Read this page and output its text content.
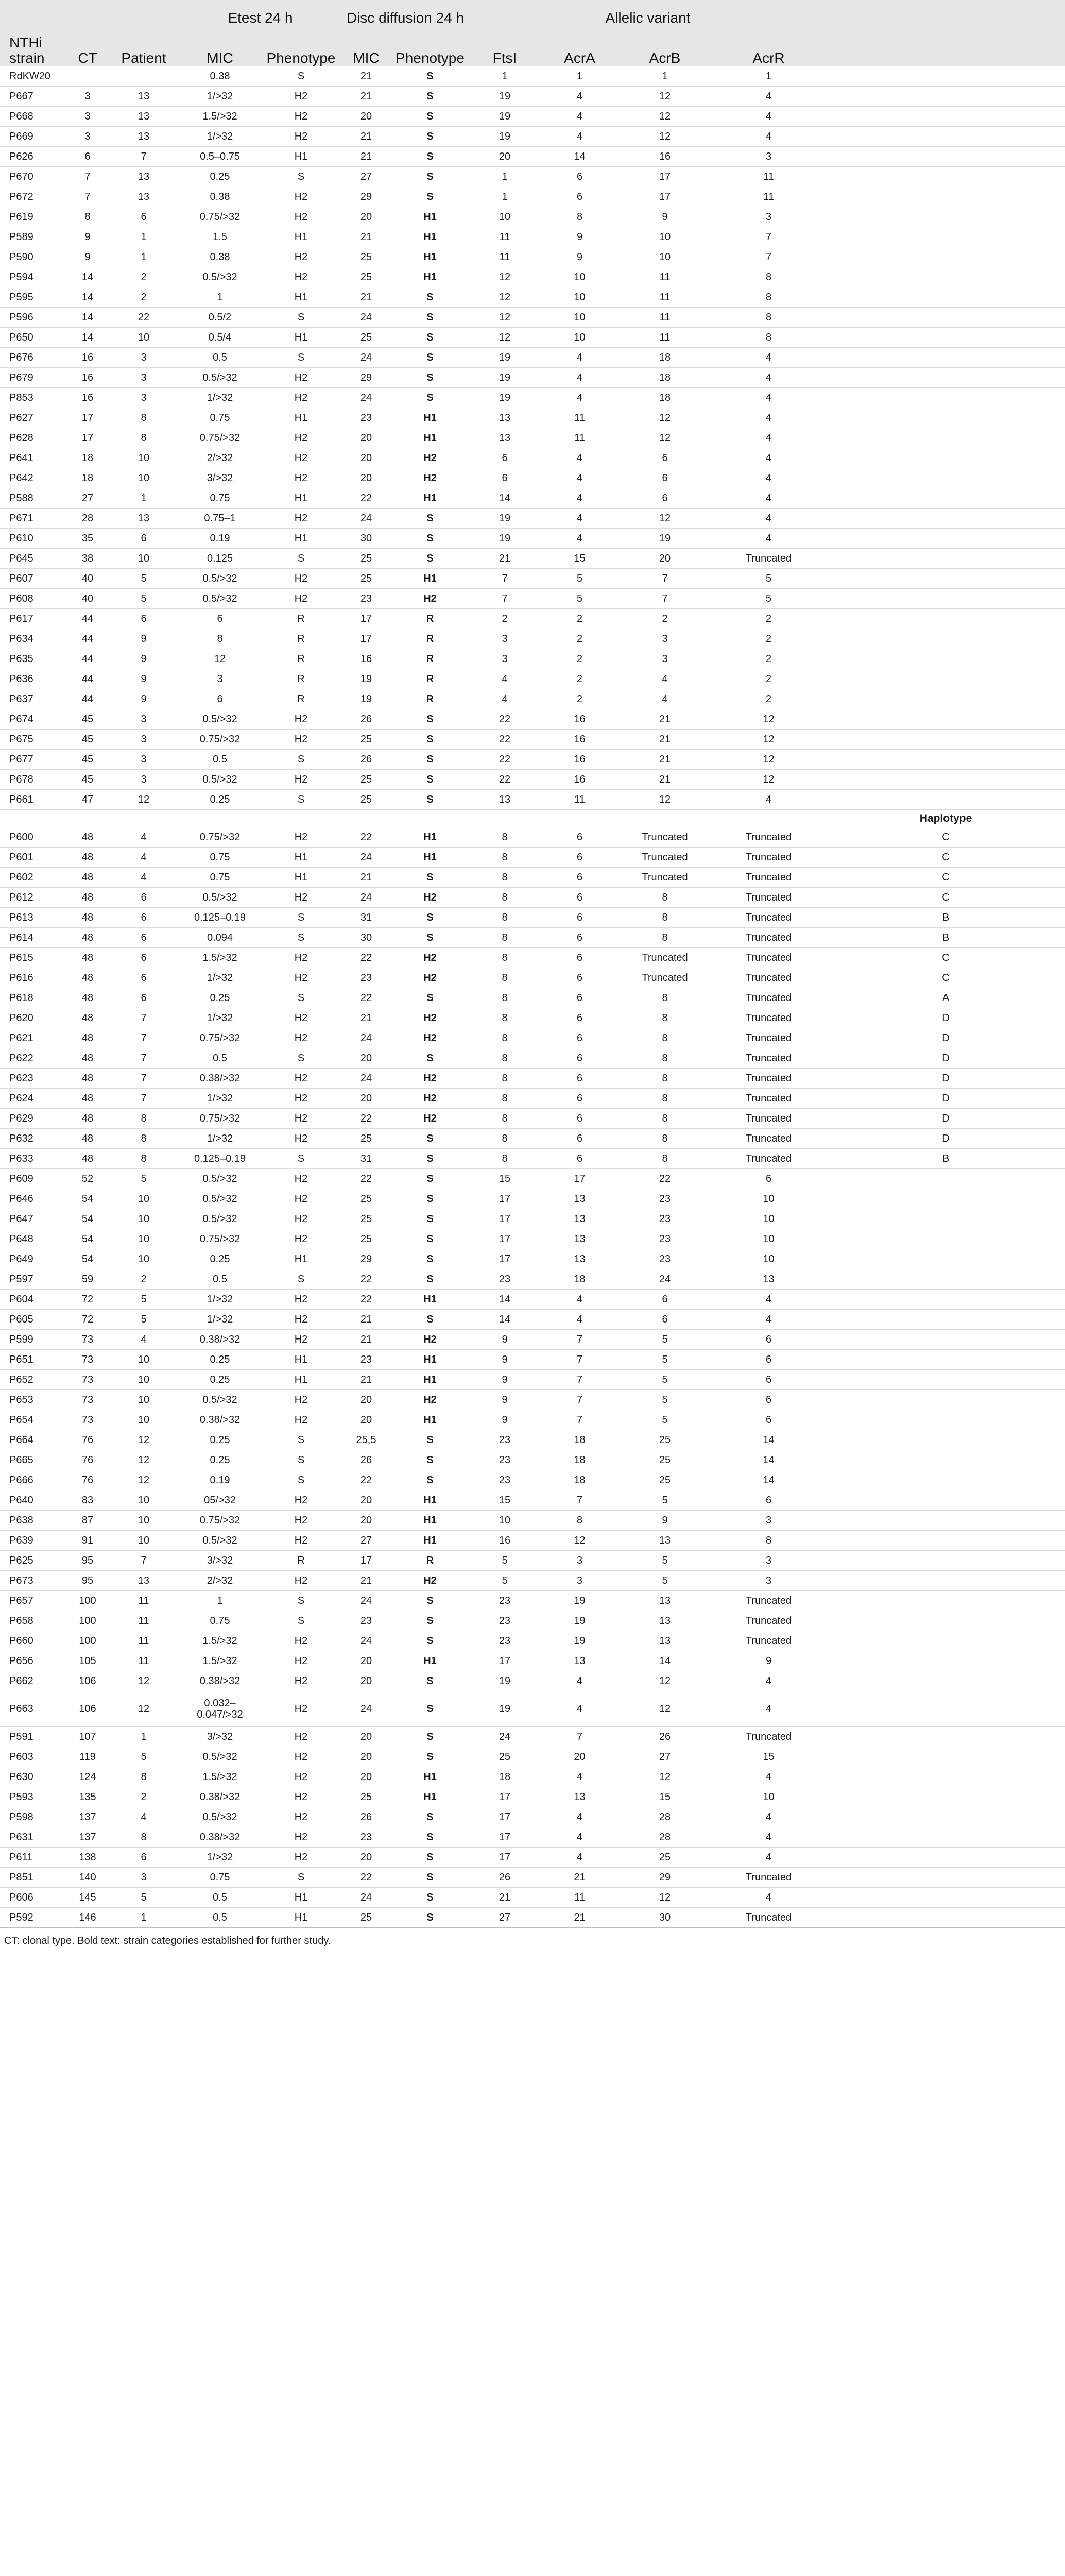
NTHi strain	CT	Patient	Etest 24 h		Disc diffusion 24 h		Allelic variant				
			MIC	Phenotype	MIC	Phenotype	FtsI	AcrA	AcrB	AcrR	
RdKW20			0.38	S	21	S	1	1	1	1	
P667	3	13	1/>32	H2	21	S	19	4	12	4	
P668	3	13	1.5/>32	H2	20	S	19	4	12	4	
P669	3	13	1/>32	H2	21	S	19	4	12	4	
P626	6	7	0.5–0.75	H1	21	S	20	14	16	3	
P670	7	13	0.25	S	27	S	1	6	17	11	
P672	7	13	0.38	H2	29	S	1	6	17	11	
P619	8	6	0.75/>32	H2	20	H1	10	8	9	3	
P589	9	1	1.5	H1	21	H1	11	9	10	7	
P590	9	1	0.38	H2	25	H1	11	9	10	7	
P594	14	2	0.5/>32	H2	25	H1	12	10	11	8	
P595	14	2	1	H1	21	S	12	10	11	8	
P596	14	22	0.5/2	S	24	S	12	10	11	8	
P650	14	10	0.5/4	H1	25	S	12	10	11	8	
P676	16	3	0.5	S	24	S	19	4	18	4	
P679	16	3	0.5/>32	H2	29	S	19	4	18	4	
P853	16	3	1/>32	H2	24	S	19	4	18	4	
P627	17	8	0.75	H1	23	H1	13	11	12	4	
P628	17	8	0.75/>32	H2	20	H1	13	11	12	4	
P641	18	10	2/>32	H2	20	H2	6	4	6	4	
P642	18	10	3/>32	H2	20	H2	6	4	6	4	
P588	27	1	0.75	H1	22	H1	14	4	6	4	
P671	28	13	0.75–1	H2	24	S	19	4	12	4	
P610	35	6	0.19	H1	30	S	19	4	19	4	
P645	38	10	0.125	S	25	S	21	15	20	Truncated	
P607	40	5	0.5/>32	H2	25	H1	7	5	7	5	
P608	40	5	0.5/>32	H2	23	H2	7	5	7	5	
P617	44	6	6	R	17	R	2	2	2	2	
P634	44	9	8	R	17	R	3	2	3	2	
P635	44	9	12	R	16	R	3	2	3	2	
P636	44	9	3	R	19	R	4	2	4	2	
P637	44	9	6	R	19	R	4	2	4	2	
P674	45	3	0.5/>32	H2	26	S	22	16	21	12	
P675	45	3	0.75/>32	H2	25	S	22	16	21	12	
P677	45	3	0.5	S	26	S	22	16	21	12	
P678	45	3	0.5/>32	H2	25	S	22	16	21	12	
P661	47	12	0.25	S	25	S	13	11	12	4	
											Haplotype
P600	48	4	0.75/>32	H2	22	H1	8	6	Truncated	Truncated	C
P601	48	4	0.75	H1	24	H1	8	6	Truncated	Truncated	C
P602	48	4	0.75	H1	21	S	8	6	Truncated	Truncated	C
P612	48	6	0.5/>32	H2	24	H2	8	6	8	Truncated	C
P613	48	6	0.125–0.19	S	31	S	8	6	8	Truncated	B
P614	48	6	0.094	S	30	S	8	6	8	Truncated	B
P615	48	6	1.5/>32	H2	22	H2	8	6	Truncated	Truncated	C
P616	48	6	1/>32	H2	23	H2	8	6	Truncated	Truncated	C
P618	48	6	0.25	S	22	S	8	6	8	Truncated	A
P620	48	7	1/>32	H2	21	H2	8	6	8	Truncated	D
P621	48	7	0.75/>32	H2	24	H2	8	6	8	Truncated	D
P622	48	7	0.5	S	20	S	8	6	8	Truncated	D
P623	48	7	0.38/>32	H2	24	H2	8	6	8	Truncated	D
P624	48	7	1/>32	H2	20	H2	8	6	8	Truncated	D
P629	48	8	0.75/>32	H2	22	H2	8	6	8	Truncated	D
P632	48	8	1/>32	H2	25	S	8	6	8	Truncated	D
P633	48	8	0.125–0.19	S	31	S	8	6	8	Truncated	B
P609	52	5	0.5/>32	H2	22	S	15	17	22	6	
P646	54	10	0.5/>32	H2	25	S	17	13	23	10	
P647	54	10	0.5/>32	H2	25	S	17	13	23	10	
P648	54	10	0.75/>32	H2	25	S	17	13	23	10	
P649	54	10	0.25	H1	29	S	17	13	23	10	
P597	59	2	0.5	S	22	S	23	18	24	13	
P604	72	5	1/>32	H2	22	H1	14	4	6	4	
P605	72	5	1/>32	H2	21	S	14	4	6	4	
P599	73	4	0.38/>32	H2	21	H2	9	7	5	6	
P651	73	10	0.25	H1	23	H1	9	7	5	6	
P652	73	10	0.25	H1	21	H1	9	7	5	6	
P653	73	10	0.5/>32	H2	20	H2	9	7	5	6	
P654	73	10	0.38/>32	H2	20	H1	9	7	5	6	
P664	76	12	0.25	S	25,5	S	23	18	25	14	
P665	76	12	0.25	S	26	S	23	18	25	14	
P666	76	12	0.19	S	22	S	23	18	25	14	
P640	83	10	05/>32	H2	20	H1	15	7	5	6	
P638	87	10	0.75/>32	H2	20	H1	10	8	9	3	
P639	91	10	0.5/>32	H2	27	H1	16	12	13	8	
P625	95	7	3/>32	R	17	R	5	3	5	3	
P673	95	13	2/>32	H2	21	H2	5	3	5	3	
P657	100	11	1	S	24	S	23	19	13	Truncated	
P658	100	11	0.75	S	23	S	23	19	13	Truncated	
P660	100	11	1.5/>32	H2	24	S	23	19	13	Truncated	
P656	105	11	1.5/>32	H2	20	H1	17	13	14	9	
P662	106	12	0.38/>32	H2	20	S	19	4	12	4	
P663	106	12	0.032–
0.047/>32	H2	24	S	19	4	12	4	
P591	107	1	3/>32	H2	20	S	24	7	26	Truncated	
P603	119	5	0.5/>32	H2	20	S	25	20	27	15	
P630	124	8	1.5/>32	H2	20	H1	18	4	12	4	
P593	135	2	0.38/>32	H2	25	H1	17	13	15	10	
P598	137	4	0.5/>32	H2	26	S	17	4	28	4	
P631	137	8	0.38/>32	H2	23	S	17	4	28	4	
P611	138	6	1/>32	H2	20	S	17	4	25	4	
P851	140	3	0.75	S	22	S	26	21	29	Truncated	
P606	145	5	0.5	H1	24	S	21	11	12	4	
P592	146	1	0.5	H1	25	S	27	21	30	Truncated	
CT: clonal type. Bold text: strain categories established for further study.
